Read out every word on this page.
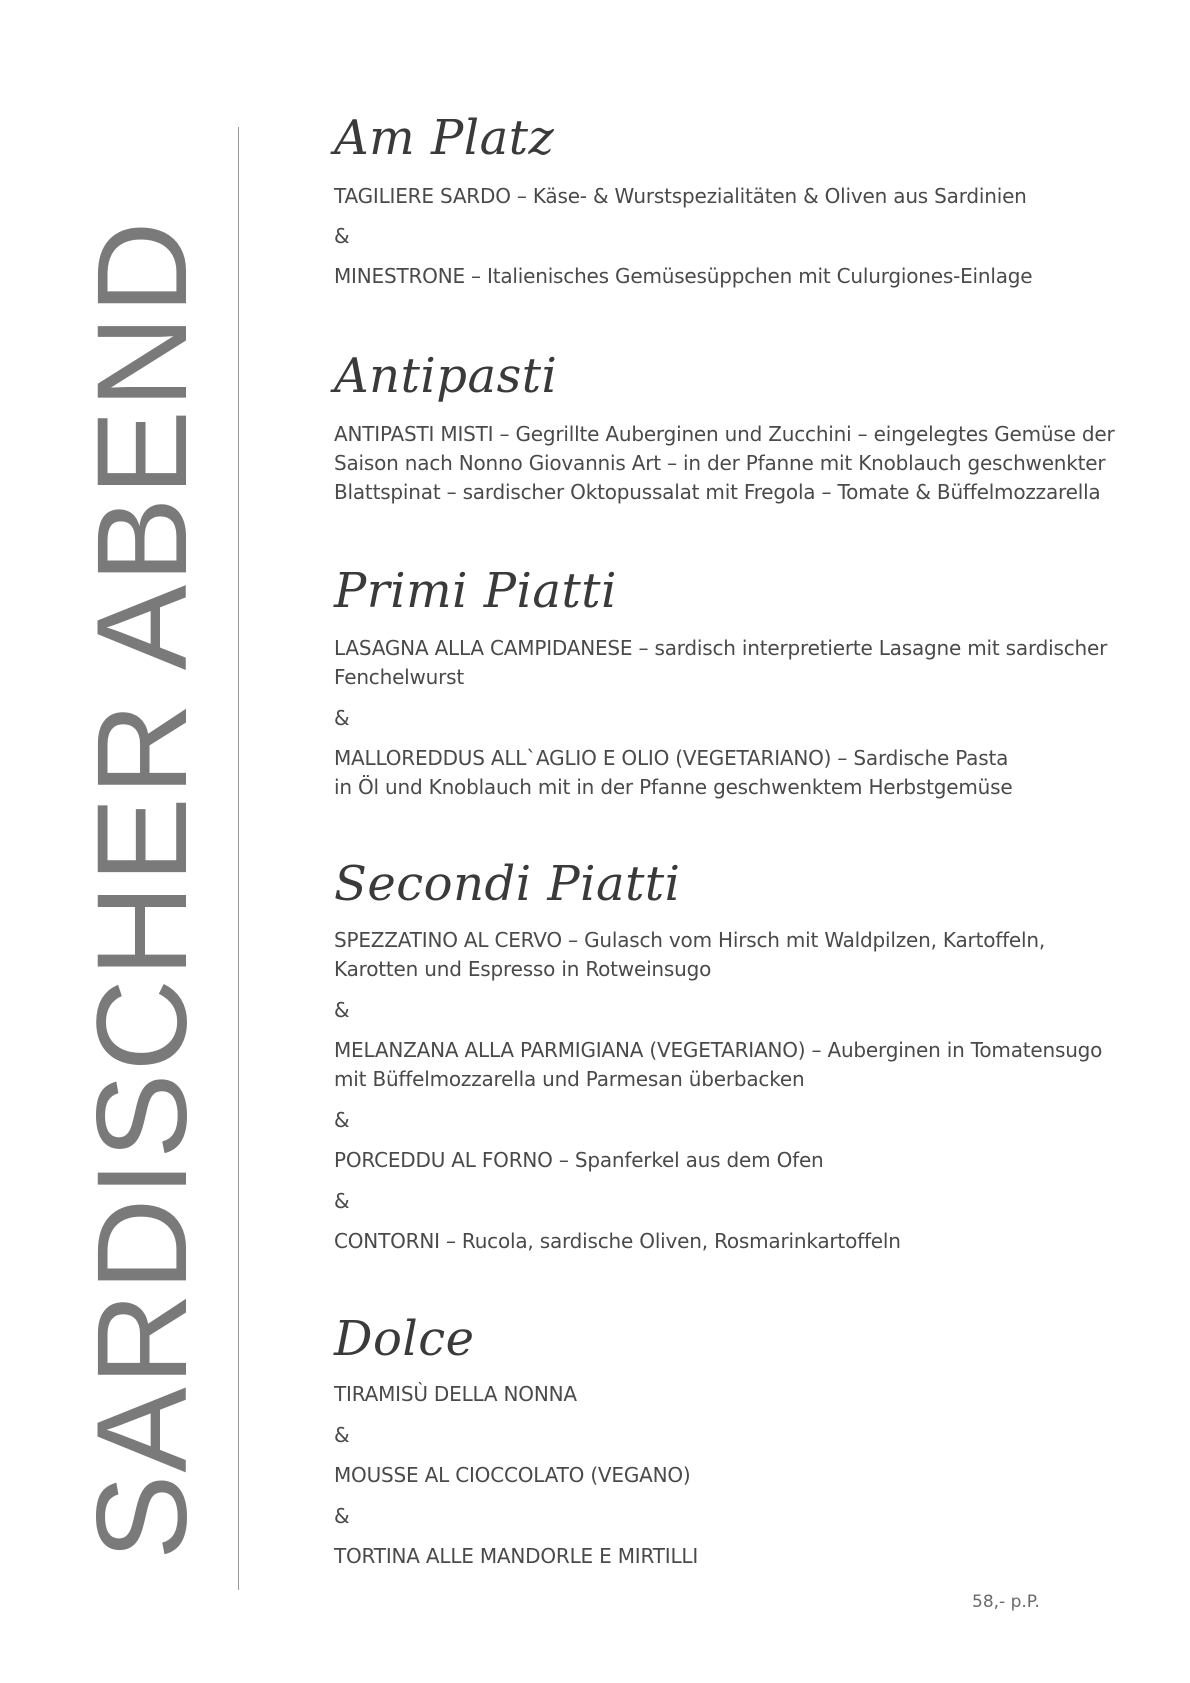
SARDISCHER ABEND
Am Platz
TAGILIERE SARDO – Käse- & Wurstspezialitäten & Oliven aus Sardinien
&
MINESTRONE – Italienisches Gemüsesüppchen mit Culurgiones-Einlage
Antipasti
ANTIPASTI MISTI – Gegrillte Auberginen und Zucchini – eingelegtes Gemüse der
Saison nach Nonno Giovannis Art – in der Pfanne mit Knoblauch geschwenkter
Blattspinat – sardischer Oktopussalat mit Fregola – Tomate & Büffelmozzarella
Primi Piatti
LASAGNA ALLA CAMPIDANESE – sardisch interpretierte Lasagne mit sardischer
Fenchelwurst
&
MALLOREDDUS ALL`AGLIO E OLIO (VEGETARIANO) – Sardische Pasta
in Öl und Knoblauch mit in der Pfanne geschwenktem Herbstgemüse
Secondi Piatti
SPEZZATINO AL CERVO – Gulasch vom Hirsch mit Waldpilzen, Kartoffeln,
Karotten und Espresso in Rotweinsugo
&
MELANZANA ALLA PARMIGIANA (VEGETARIANO) – Auberginen in Tomatensugo
mit Büffelmozzarella und Parmesan überbacken
&
PORCEDDU AL FORNO – Spanferkel aus dem Ofen
&
CONTORNI – Rucola, sardische Oliven, Rosmarinkartoffeln
Dolce
TIRAMISÙ DELLA NONNA
&
MOUSSE AL CIOCCOLATO (VEGANO)
&
TORTINA ALLE MANDORLE E MIRTILLI
58,- p.P.
